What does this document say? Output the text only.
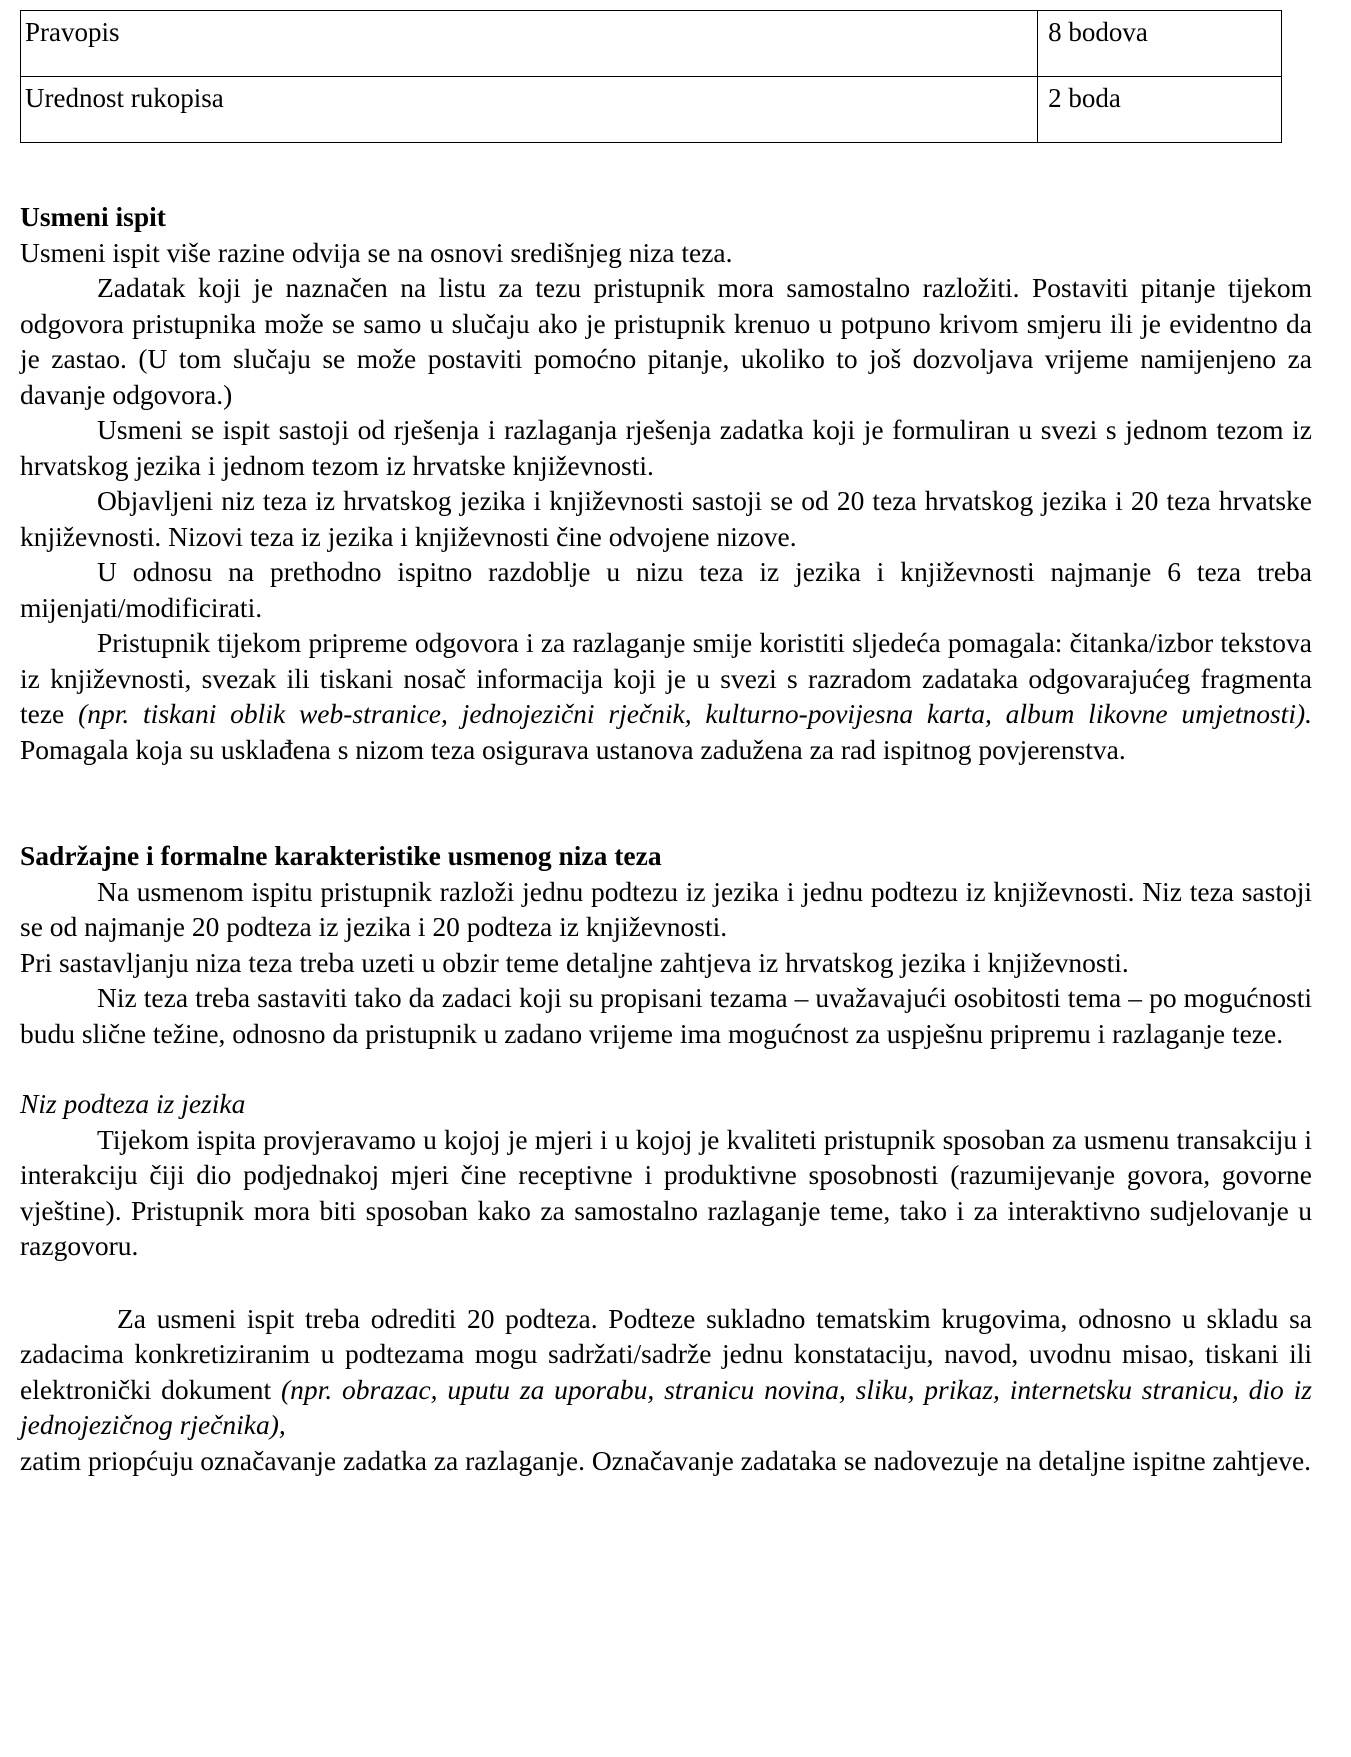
Pravopis	8 bodova
Urednost rukopisa	2 boda
Usmeni ispit

Usmeni ispit više razine odvija se na osnovi središnjeg niza teza.

Zadatak koji je naznačen na listu za tezu pristupnik mora samostalno razložiti. Postaviti pitanje tijekom odgovora pristupnika može se samo u slučaju ako je pristupnik krenuo u potpuno krivom smjeru ili je evidentno da je zastao. (U tom slučaju se može postaviti pomoćno pitanje, ukoliko to još dozvoljava vrijeme namijenjeno za davanje odgovora.)

Usmeni se ispit sastoji od rješenja i razlaganja rješenja zadatka koji je formuliran u svezi s jednom tezom iz hrvatskog jezika i jednom tezom iz hrvatske književnosti.

Objavljeni niz teza iz hrvatskog jezika i književnosti sastoji se od 20 teza hrvatskog jezika i 20 teza hrvatske književnosti. Nizovi teza iz jezika i književnosti čine odvojene nizove.

U odnosu na prethodno ispitno razdoblje u nizu teza iz jezika i književnosti najmanje 6 teza treba mijenjati/modificirati.

Pristupnik tijekom pripreme odgovora i za razlaganje smije koristiti sljedeća pomagala: čitanka/izbor tekstova iz književnosti, svezak ili tiskani nosač informacija koji je u svezi s razradom zadataka odgovarajućeg fragmenta teze (npr. tiskani oblik web-stranice, jednojezični rječnik, kulturno-povijesna karta, album likovne umjetnosti). Pomagala koja su usklađena s nizom teza osigurava ustanova zadužena za rad ispitnog povjerenstva.

Sadržajne i formalne karakteristike usmenog niza teza

Na usmenom ispitu pristupnik razloži jednu podtezu iz jezika i jednu podtezu iz književnosti. Niz teza sastoji se od najmanje 20 podteza iz jezika i 20 podteza iz književnosti.

Pri sastavljanju niza teza treba uzeti u obzir teme detaljne zahtjeva iz hrvatskog jezika i književnosti.

Niz teza treba sastaviti tako da zadaci koji su propisani tezama – uvažavajući osobitosti tema – po mogućnosti budu slične težine, odnosno da pristupnik u zadano vrijeme ima mogućnost za uspješnu pripremu i razlaganje teze.

Niz podteza iz jezika

Tijekom ispita provjeravamo u kojoj je mjeri i u kojoj je kvaliteti pristupnik sposoban za usmenu transakciju i interakciju čiji dio podjednakoj mjeri čine receptivne i produktivne sposobnosti (razumijevanje govora, govorne vještine). Pristupnik mora biti sposoban kako za samostalno razlaganje teme, tako i za interaktivno sudjelovanje u razgovoru.

Za usmeni ispit treba odrediti 20 podteza. Podteze sukladno tematskim krugovima, odnosno u skladu sa zadacima konkretiziranim u podtezama mogu sadržati/sadrže jednu konstataciju, navod, uvodnu misao, tiskani ili elektronički dokument (npr. obrazac, uputu za uporabu, stranicu novina, sliku, prikaz, internetsku stranicu, dio iz jednojezičnog rječnika),

zatim priopćuju označavanje zadatka za razlaganje. Označavanje zadataka se nadovezuje na detaljne ispitne zahtjeve.
